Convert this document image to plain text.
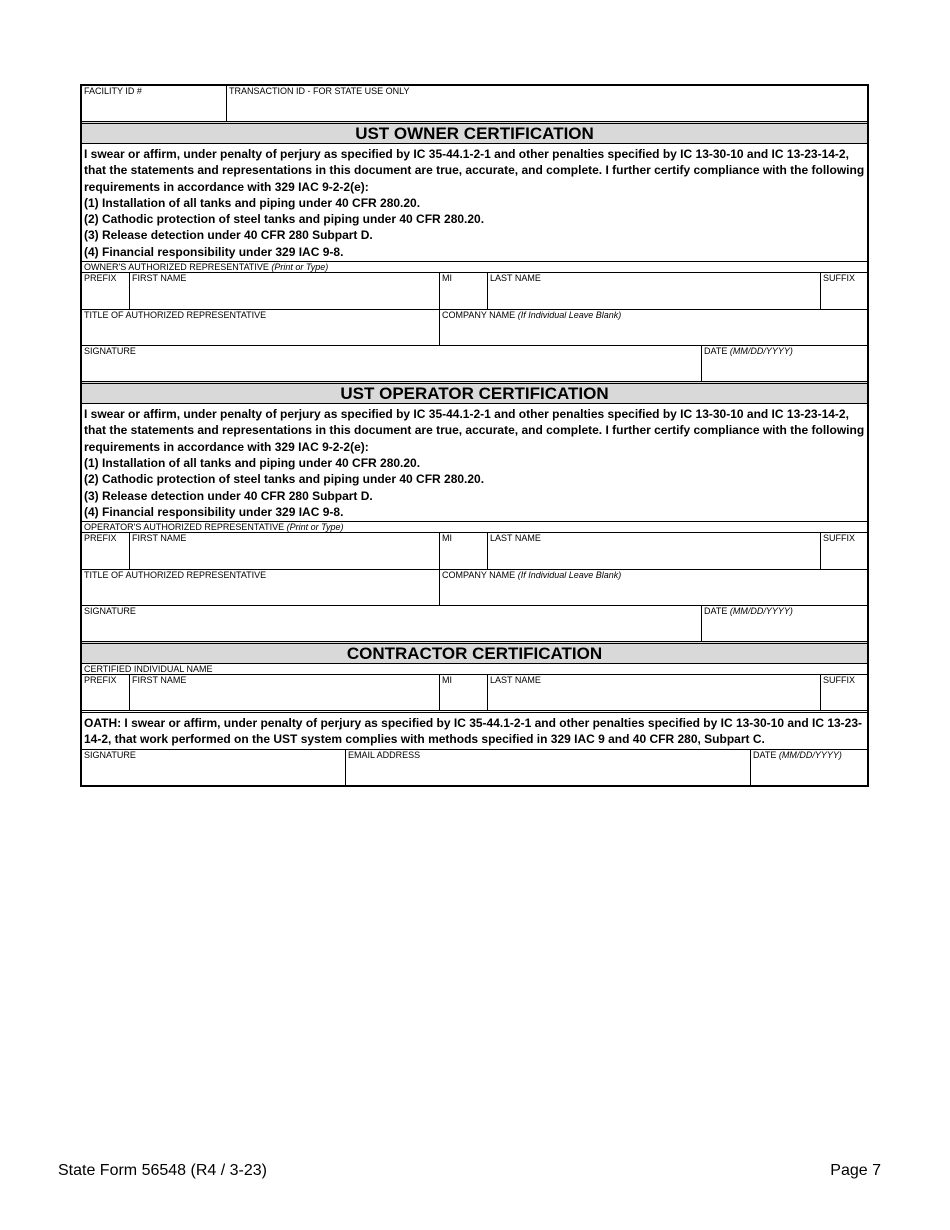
FACILITY ID #	TRANSACTION ID - FOR STATE USE ONLY
UST OWNER CERTIFICATION

I swear or affirm, under penalty of perjury as specified by IC 35-44.1-2-1 and other penalties specified by IC 13-30-10 and IC 13-23-14-2, that the statements and representations in this document are true, accurate, and complete. I further certify compliance with the following requirements in accordance with 329 IAC 9-2-2(e):

(1) Installation of all tanks and piping under 40 CFR 280.20.

(2) Cathodic protection of steel tanks and piping under 40 CFR 280.20.

(3) Release detection under 40 CFR 280 Subpart D.

(4) Financial responsibility under 329 IAC 9-8.

OWNER'S AUTHORIZED REPRESENTATIVE (Print or Type)
PREFIX	FIRST NAME	MI	LAST NAME	SUFFIX
TITLE OF AUTHORIZED REPRESENTATIVE	COMPANY NAME (If Individual Leave Blank)
SIGNATURE	DATE (MM/DD/YYYY)
UST OPERATOR CERTIFICATION

I swear or affirm, under penalty of perjury as specified by IC 35-44.1-2-1 and other penalties specified by IC 13-30-10 and IC 13-23-14-2, that the statements and representations in this document are true, accurate, and complete. I further certify compliance with the following requirements in accordance with 329 IAC 9-2-2(e):

(1) Installation of all tanks and piping under 40 CFR 280.20.

(2) Cathodic protection of steel tanks and piping under 40 CFR 280.20.

(3) Release detection under 40 CFR 280 Subpart D.

(4) Financial responsibility under 329 IAC 9-8.

OPERATOR'S AUTHORIZED REPRESENTATIVE (Print or Type)
PREFIX	FIRST NAME	MI	LAST NAME	SUFFIX
TITLE OF AUTHORIZED REPRESENTATIVE	COMPANY NAME (If Individual Leave Blank)
SIGNATURE	DATE (MM/DD/YYYY)
CONTRACTOR CERTIFICATION
CERTIFIED INDIVIDUAL NAME
PREFIX	FIRST NAME	MI	LAST NAME	SUFFIX
OATH: I swear or affirm, under penalty of perjury as specified by IC 35-44.1-2-1 and other penalties specified by IC 13-30-10 and IC 13-23-14-2, that work performed on the UST system complies with methods specified in 329 IAC 9 and 40 CFR 280, Subpart C.
SIGNATURE	EMAIL ADDRESS	DATE (MM/DD/YYYY)
State Form 56548 (R4 / 3-23)	Page 7
